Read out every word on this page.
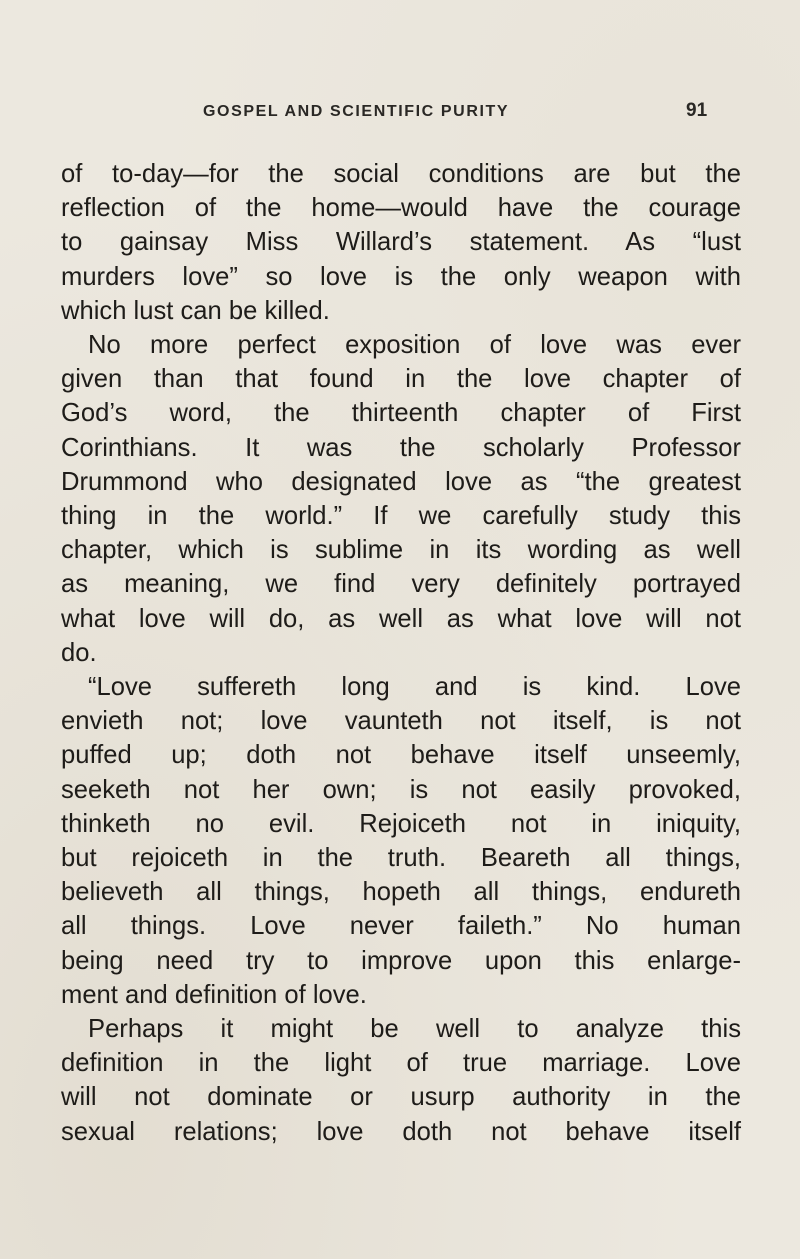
GOSPEL AND SCIENTIFIC PURITY	91
of to-day—for the social conditions are but the
reflection of the home—would have the courage
to gainsay Miss Willard’s statement. As “lust
murders love” so love is the only weapon with
which lust can be killed.
No more perfect exposition of love was ever
given than that found in the love chapter of
God’s word, the thirteenth chapter of First
Corinthians. It was the scholarly Professor
Drummond who designated love as “the greatest
thing in the world.” If we carefully study this
chapter, which is sublime in its wording as well
as meaning, we find very definitely portrayed
what love will do, as well as what love will not
do.
“Love suffereth long and is kind. Love
envieth not; love vaunteth not itself, is not
puffed up; doth not behave itself unseemly,
seeketh not her own; is not easily provoked,
thinketh no evil. Rejoiceth not in iniquity,
but rejoiceth in the truth. Beareth all things,
believeth all things, hopeth all things, endureth
all things. Love never faileth.” No human
being need try to improve upon this enlarge-
ment and definition of love.
Perhaps it might be well to analyze this
definition in the light of true marriage. Love
will not dominate or usurp authority in the
sexual relations; love doth not behave itself
